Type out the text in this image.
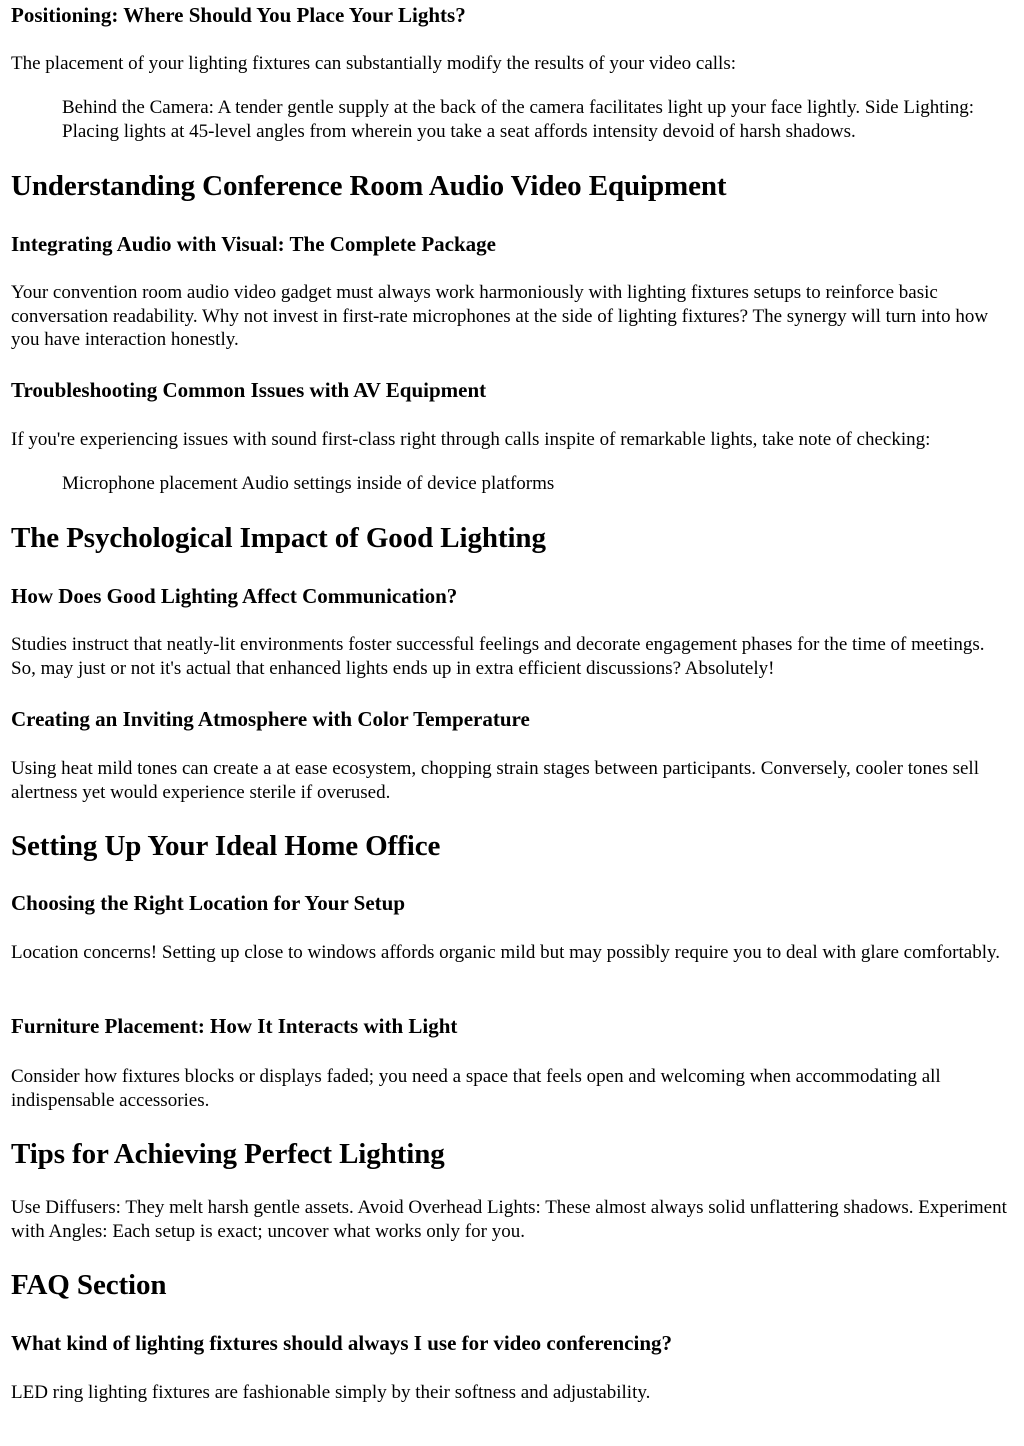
Positioning: Where Should You Place Your Lights?

The placement of your lighting fixtures can substantially modify the results of your video calls:

Behind the Camera: A tender gentle supply at the back of the camera facilitates light up your face lightly. Side Lighting: Placing lights at 45-level angles from wherein you take a seat affords intensity devoid of harsh shadows.
Understanding Conference Room Audio Video Equipment
Integrating Audio with Visual: The Complete Package

Your convention room audio video gadget must always work harmoniously with lighting fixtures setups to reinforce basic conversation readability. Why not invest in first-rate microphones at the side of lighting fixtures? The synergy will turn into how you have interaction honestly.

Troubleshooting Common Issues with AV Equipment

If you're experiencing issues with sound first-class right through calls inspite of remarkable lights, take note of checking:

Microphone placement Audio settings inside of device platforms
The Psychological Impact of Good Lighting
How Does Good Lighting Affect Communication?

Studies instruct that neatly-lit environments foster successful feelings and decorate engagement phases for the time of meetings. So, may just or not it's actual that enhanced lights ends up in extra efficient discussions? Absolutely!

Creating an Inviting Atmosphere with Color Temperature

Using heat mild tones can create a at ease ecosystem, chopping strain stages between participants. Conversely, cooler tones sell alertness yet would experience sterile if overused.

Setting Up Your Ideal Home Office
Choosing the Right Location for Your Setup

Location concerns! Setting up close to windows affords organic mild but may possibly require you to deal with glare comfortably.

Furniture Placement: How It Interacts with Light

Consider how fixtures blocks or displays faded; you need a space that feels open and welcoming when accommodating all indispensable accessories.

Tips for Achieving Perfect Lighting

Use Diffusers: They melt harsh gentle assets. Avoid Overhead Lights: These almost always solid unflattering shadows. Experiment with Angles: Each setup is exact; uncover what works only for you.

FAQ Section
What kind of lighting fixtures should always I use for video conferencing?

LED ring lighting fixtures are fashionable simply by their softness and adjustability.
